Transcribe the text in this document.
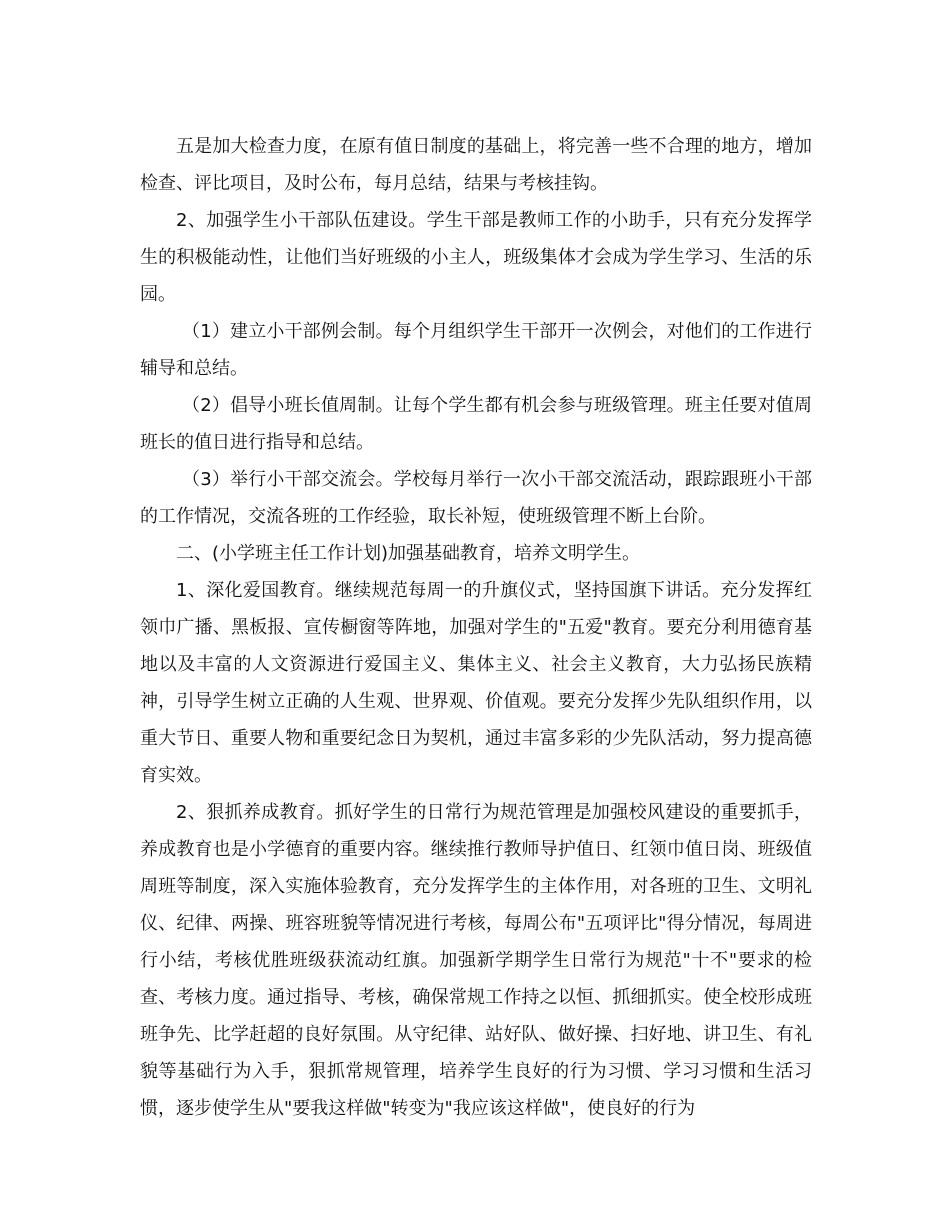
五是加大检查力度，在原有值日制度的基础上，将完善一些不合理的地方，增加检查、评比项目，及时公布，每月总结，结果与考核挂钩。

2、加强学生小干部队伍建设。学生干部是教师工作的小助手，只有充分发挥学生的积极能动性，让他们当好班级的小主人，班级集体才会成为学生学习、生活的乐园。

（1）建立小干部例会制。每个月组织学生干部开一次例会，对他们的工作进行辅导和总结。

（2）倡导小班长值周制。让每个学生都有机会参与班级管理。班主任要对值周班长的值日进行指导和总结。

（3）举行小干部交流会。学校每月举行一次小干部交流活动，跟踪跟班小干部的工作情况，交流各班的工作经验，取长补短，使班级管理不断上台阶。

二、(小学班主任工作计划)加强基础教育，培养文明学生。

1、深化爱国教育。继续规范每周一的升旗仪式，坚持国旗下讲话。充分发挥红领巾广播、黑板报、宣传橱窗等阵地，加强对学生的"五爱"教育。要充分利用德育基地以及丰富的人文资源进行爱国主义、集体主义、社会主义教育，大力弘扬民族精神，引导学生树立正确的人生观、世界观、价值观。要充分发挥少先队组织作用，以重大节日、重要人物和重要纪念日为契机，通过丰富多彩的少先队活动，努力提高德育实效。

2、狠抓养成教育。抓好学生的日常行为规范管理是加强校风建设的重要抓手，养成教育也是小学德育的重要内容。继续推行教师导护值日、红领巾值日岗、班级值周班等制度，深入实施体验教育，充分发挥学生的主体作用，对各班的卫生、文明礼仪、纪律、两操、班容班貌等情况进行考核，每周公布"五项评比"得分情况，每周进行小结，考核优胜班级获流动红旗。加强新学期学生日常行为规范"十不"要求的检查、考核力度。通过指导、考核，确保常规工作持之以恒、抓细抓实。使全校形成班班争先、比学赶超的良好氛围。从守纪律、站好队、做好操、扫好地、讲卫生、有礼貌等基础行为入手，狠抓常规管理，培养学生良好的行为习惯、学习习惯和生活习惯，逐步使学生从"要我这样做"转变为"我应该这样做"，使良好的行为
